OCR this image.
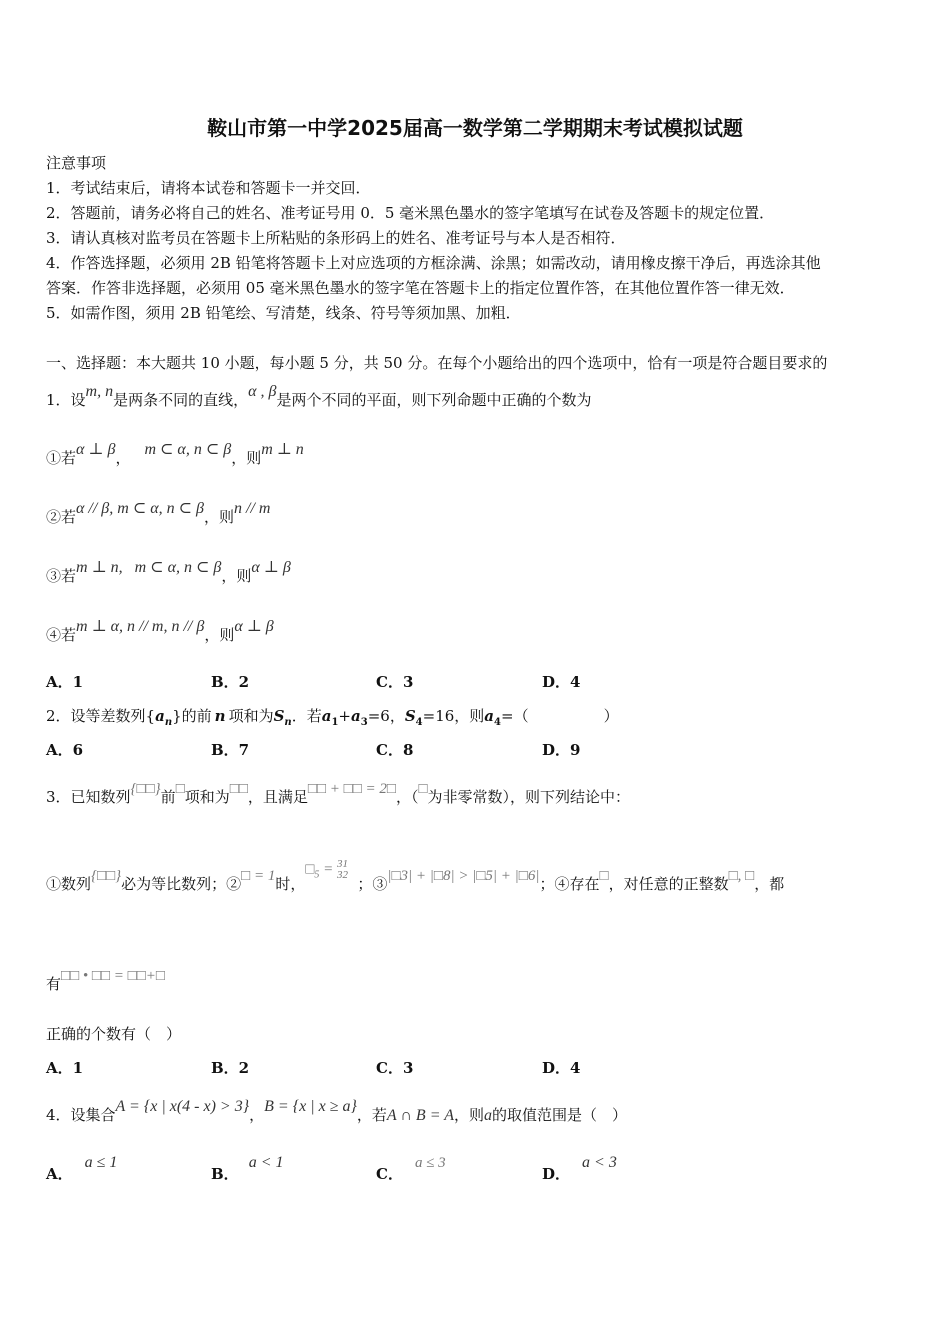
鞍山市第一中学2025届高一数学第二学期期末考试模拟试题
注意事项
1．考试结束后，请将本试卷和答题卡一并交回．
2．答题前，请务必将自己的姓名、准考证号用 0．5 毫米黑色墨水的签字笔填写在试卷及答题卡的规定位置．
3．请认真核对监考员在答题卡上所粘贴的条形码上的姓名、准考证号与本人是否相符．
4．作答选择题，必须用 2B 铅笔将答题卡上对应选项的方框涂满、涂黑；如需改动，请用橡皮擦干净后，再选涂其他
答案．作答非选择题，必须用 05 毫米黑色墨水的签字笔在答题卡上的指定位置作答，在其他位置作答一律无效．
5．如需作图，须用 2B 铅笔绘、写清楚，线条、符号等须加黑、加粗．
一、选择题：本大题共 10 小题，每小题 5 分，共 50 分。在每个小题给出的四个选项中，恰有一项是符合题目要求的
1．设m, n是两条不同的直线，α , β是两个不同的平面，则下列命题中正确的个数为
①若α ⊥ β， m ⊂ α, n ⊂ β，则m ⊥ n
②若α // β, m ⊂ α, n ⊂ β，则n // m
③若m ⊥ n,   m ⊂ α, n ⊂ β，则α ⊥ β
④若m ⊥ α, n // m, n // β，则α ⊥ β
A．1	B．2	C．3	D．4
2．设等差数列$\{a_n\}$的前 n 项和为$S_n$．若$a_1+a_3=6$，$S_4=16$，则$a_4=$（　　　　　）
A．6	B．7	C．8	D．9
3．已知数列{□□}前□项和为□□，且满足□□ + □□ = 2□，（□为非零常数），则下列结论中：
①数列{□□}必为等比数列；②□ = 1时，
$□_5 = 31$
32 ；③|□3| + |□8| > |□5| + |□6|；④存在□，对任意的正整数□, □，都
有□□ • □□ = □□+□
正确的个数有（　）
A．1	B．2	C．3	D．4
4．设集合A = {x | x(4 - x) > 3}，B = {x | x ≥ a}，若A ∩ B = A，则a的取值范围是（　）
A．a ≤ 1
B．a < 1
C．a ≤ 3
D．a < 3
